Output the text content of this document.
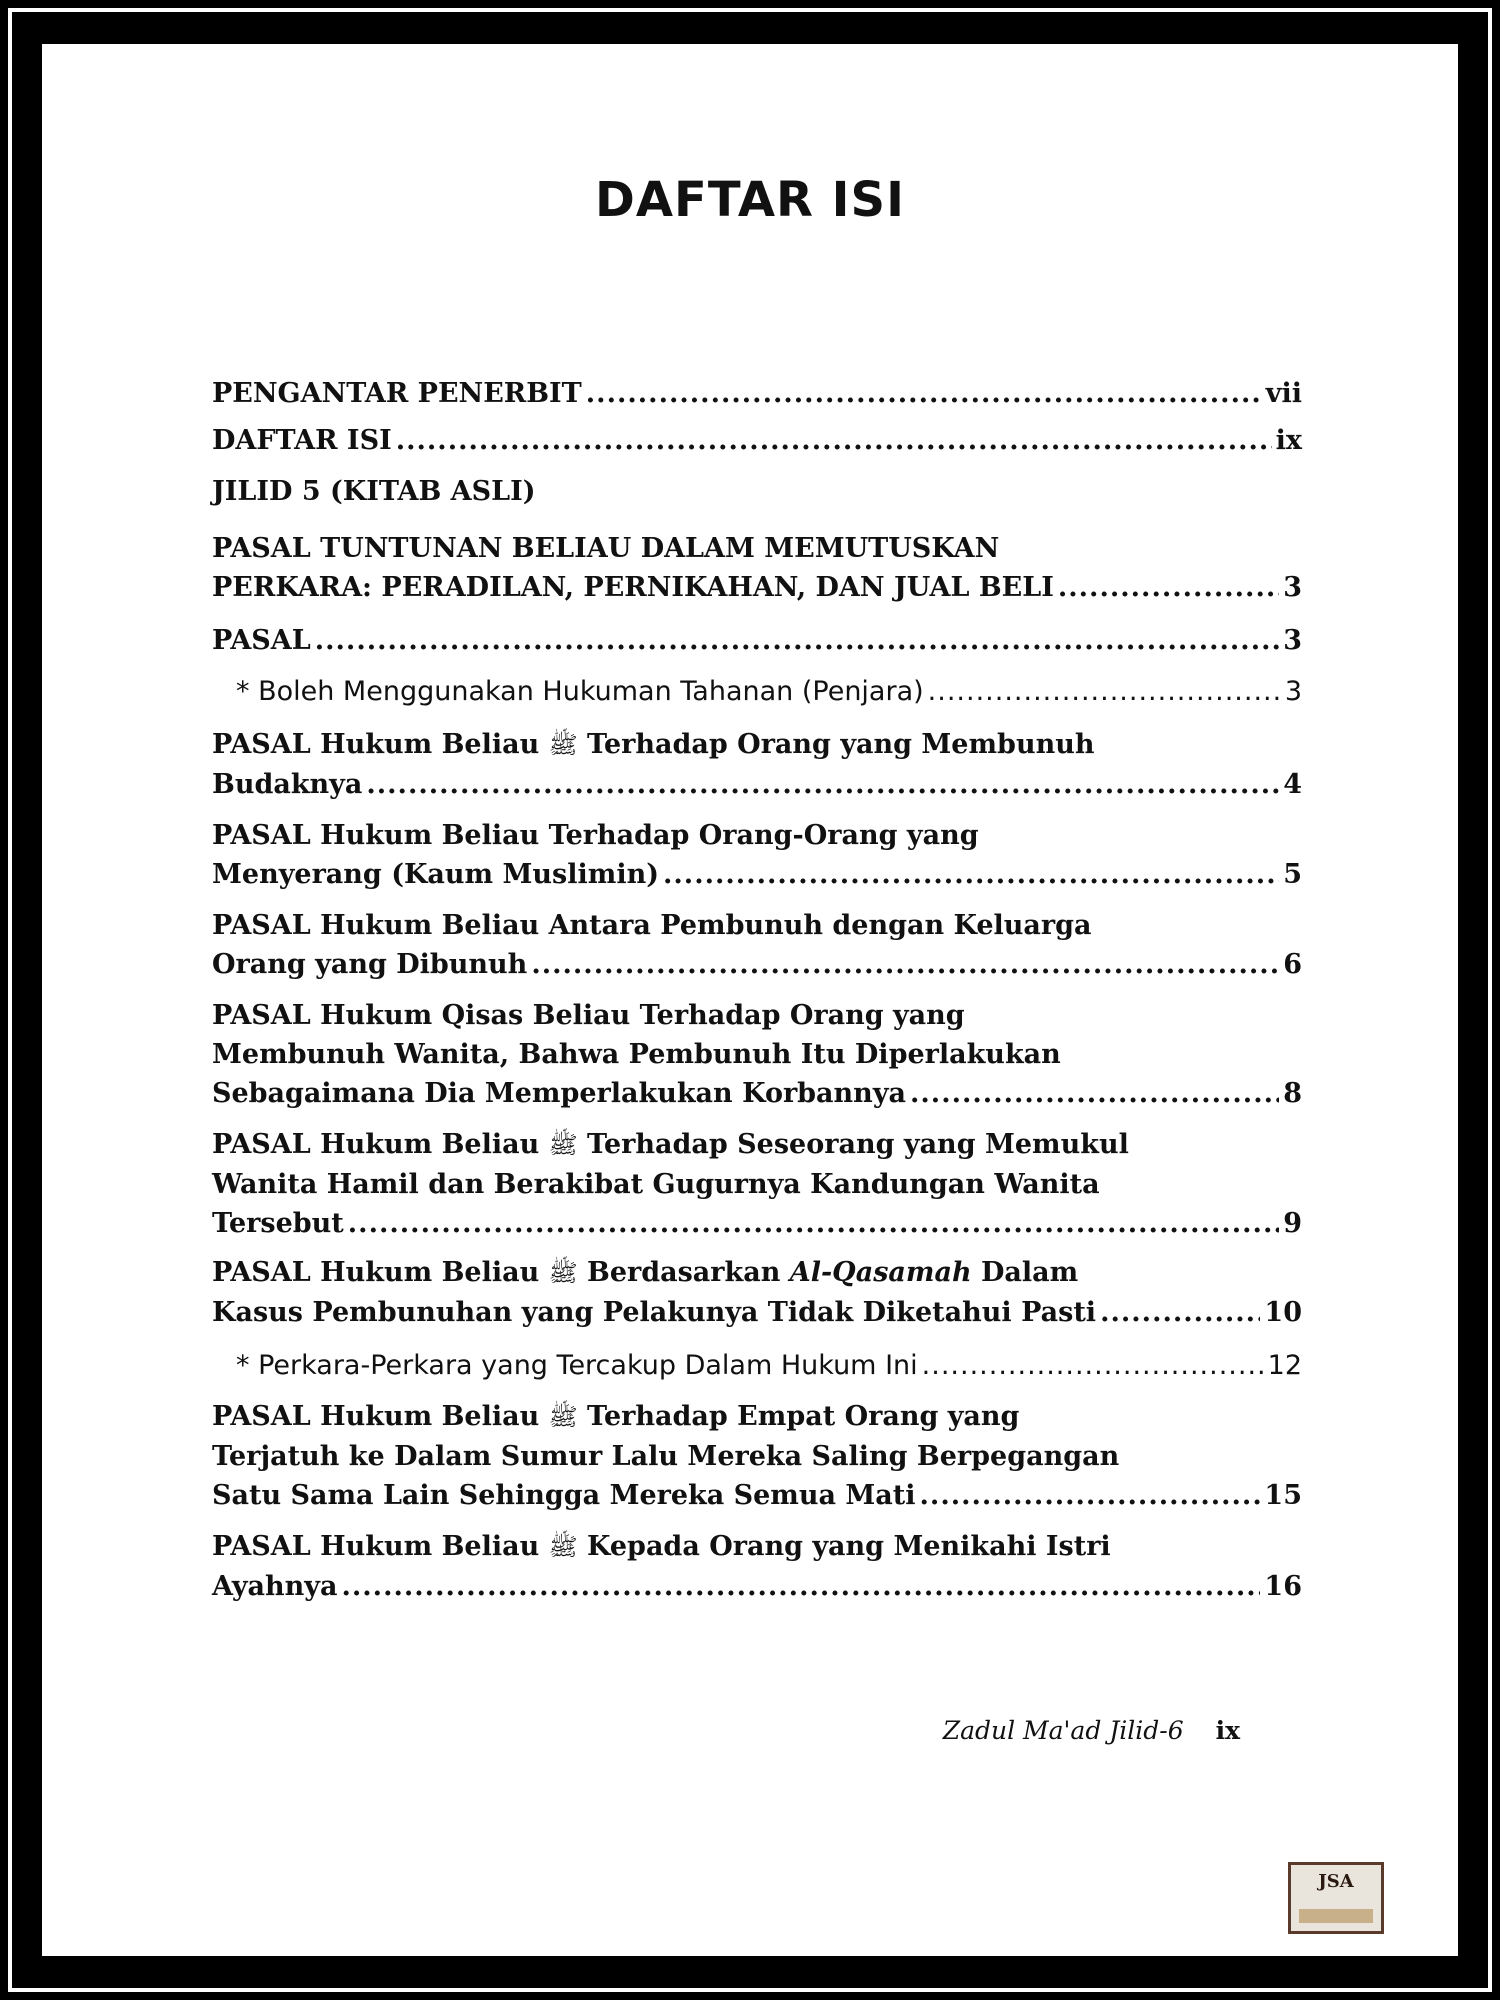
DAFTAR ISI
PENGANTAR PENERBIT .....	vii
DAFTAR ISI .....	ix
JILID 5 (KITAB ASLI)
PASAL TUNTUNAN BELIAU DALAM MEMUTUSKAN
PERKARA: PERADILAN, PERNIKAHAN, DAN JUAL BELI .....	3
PASAL .....	3
* Boleh Menggunakan Hukuman Tahanan (Penjara) .....	3
PASAL Hukum Beliau ﷺ Terhadap Orang yang Membunuh
Budaknya .....	4
PASAL Hukum Beliau Terhadap Orang-Orang yang
Menyerang (Kaum Muslimin) .....	5
PASAL Hukum Beliau Antara Pembunuh dengan Keluarga
Orang yang Dibunuh .....	6
PASAL Hukum Qisas Beliau Terhadap Orang yang
Membunuh Wanita, Bahwa Pembunuh Itu Diperlakukan
Sebagaimana Dia Memperlakukan Korbannya .....	8
PASAL Hukum Beliau ﷺ Terhadap Seseorang yang Memukul
Wanita Hamil dan Berakibat Gugurnya Kandungan Wanita
Tersebut .....	9
PASAL Hukum Beliau ﷺ Berdasarkan Al-Qasamah Dalam
Kasus Pembunuhan yang Pelakunya Tidak Diketahui Pasti .....	10
* Perkara-Perkara yang Tercakup Dalam Hukum Ini .....	12
PASAL Hukum Beliau ﷺ Terhadap Empat Orang yang
Terjatuh ke Dalam Sumur Lalu Mereka Saling Berpegangan
Satu Sama Lain Sehingga Mereka Semua Mati .....	15
PASAL Hukum Beliau ﷺ Kepada Orang yang Menikahi Istri
Ayahnya .....	16
Zadul Ma'ad Jilid-6 ix
JSA
